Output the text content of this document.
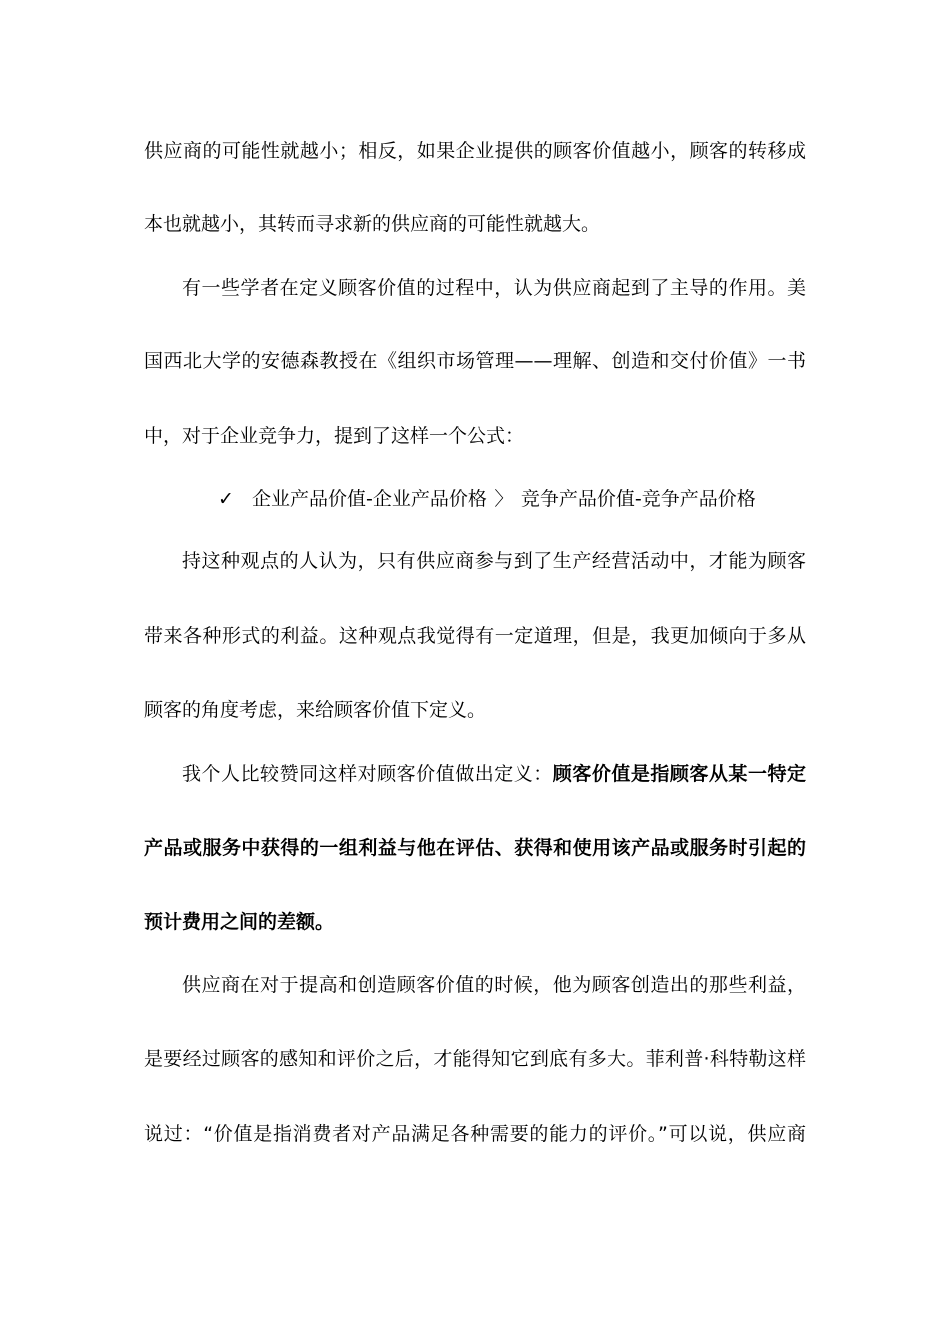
供应商的可能性就越小；相反，如果企业提供的顾客价值越小，顾客的转移成
本也就越小，其转而寻求新的供应商的可能性就越大。
有一些学者在定义顾客价值的过程中，认为供应商起到了主导的作用。美
国西北大学的安德森教授在《组织市场管理——理解、创造和交付价值》一书
中，对于企业竞争力，提到了这样一个公式：
✓ 企业产品价值-企业产品价格 〉 竞争产品价值-竞争产品价格
持这种观点的人认为，只有供应商参与到了生产经营活动中，才能为顾客
带来各种形式的利益。这种观点我觉得有一定道理，但是，我更加倾向于多从
顾客的角度考虑，来给顾客价值下定义。
我个人比较赞同这样对顾客价值做出定义：顾客价值是指顾客从某一特定
产品或服务中获得的一组利益与他在评估、获得和使用该产品或服务时引起的
预计费用之间的差额。
供应商在对于提高和创造顾客价值的时候，他为顾客创造出的那些利益，
是要经过顾客的感知和评价之后，才能得知它到底有多大。菲利普·科特勒这样
说过：“价值是指消费者对产品满足各种需要的能力的评价。”可以说，供应商
